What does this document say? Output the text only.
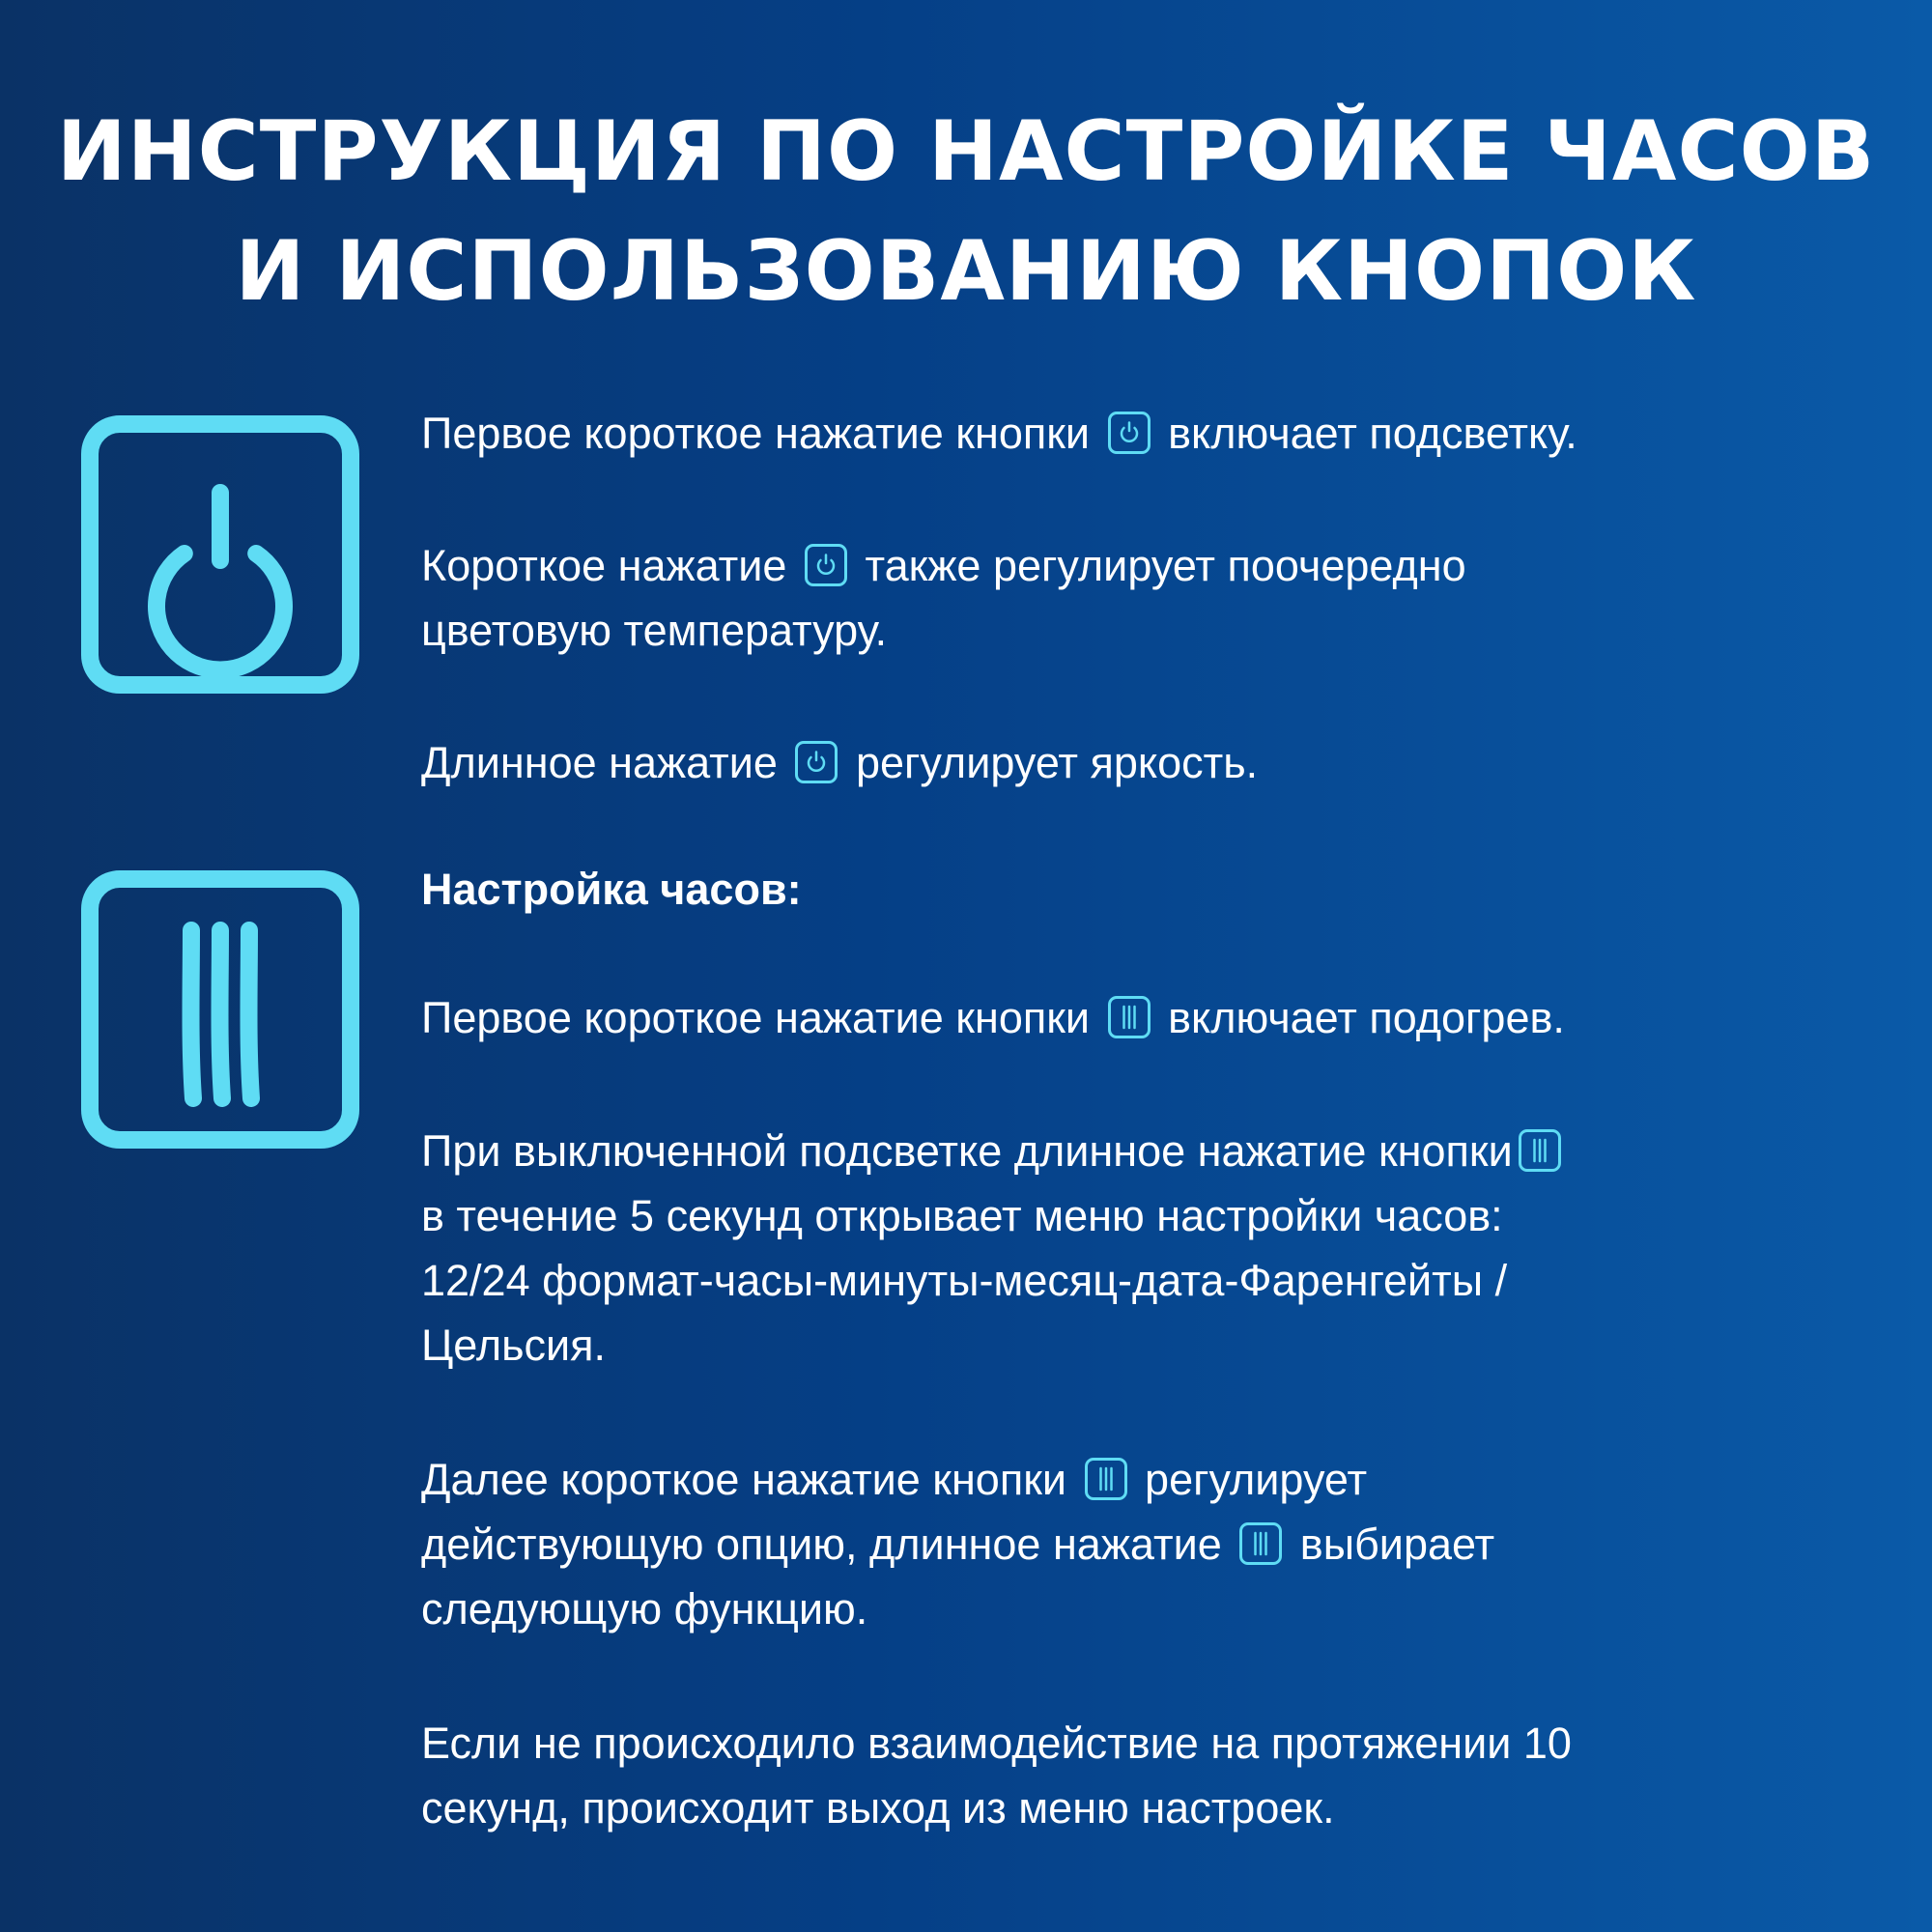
ИНСТРУКЦИЯ ПО НАСТРОЙКЕ ЧАСОВ
И ИСПОЛЬЗОВАНИЮ КНОПОК
Первое короткое нажатие кнопки включает подсветку.
Короткое нажатие также регулирует поочередно
цветовую температуру.
Длинное нажатие регулирует яркость.
Настройка часов:
Первое короткое нажатие кнопки включает подогрев.
При выключенной подсветке длинное нажатие кнопки
в течение 5 секунд открывает меню настройки часов:
12/24 формат-часы-минуты-месяц-дата-Фаренгейты /
Цельсия.
Далее короткое нажатие кнопки регулирует
действующую опцию, длинное нажатие выбирает
следующую функцию.
Если не происходило взаимодействие на протяжении 10
секунд, происходит выход из меню настроек.
